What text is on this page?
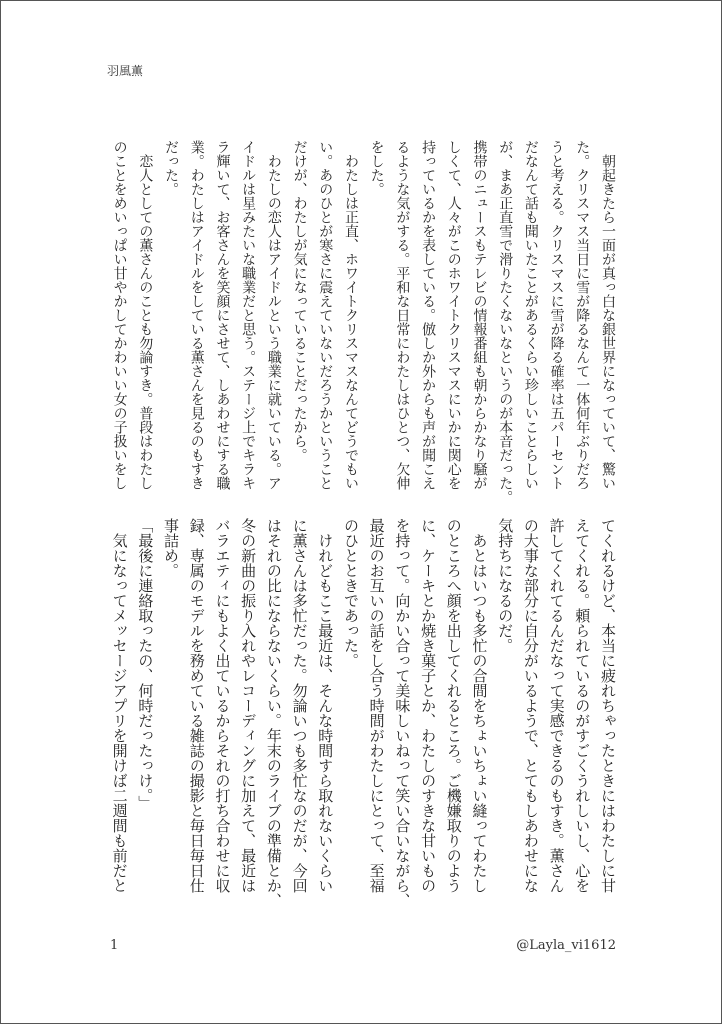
羽風薫
　朝起きたら一面が真っ白な銀世界になっていて、驚い
た。クリスマス当日に雪が降るなんて一体何年ぶりだろ
うと考える。クリスマスに雪が降る確率は五パーセント
だなんて話も聞いたことがあるくらい珍しいことらしい
が、まあ正直雪で滑りたくないなというのが本音だった。
携帯のニュースもテレビの情報番組も朝からかなり騒が
しくて、人々がこのホワイトクリスマスにいかに関心を
持っているかを表している。倣しか外からも声が聞こえ
るような気がする。平和な日常にわたしはひとつ、欠伸
をした。
　わたしは正直、ホワイトクリスマスなんてどうでもい
い。あのひとが寒さに震えていないだろうかということ
だけが、わたしが気になっていることだったから。
　わたしの恋人はアイドルという職業に就いている。ア
イドルは星みたいな職業だと思う。ステージ上でキラキ
ラ輝いて、お客さんを笑顔にさせて、しあわせにする職
業。わたしはアイドルをしている薫さんを見るのもすき
だった。
　恋人としての薫さんのことも勿論すき。普段はわたし
のことをめいっぱい甘やかしてかわいい女の子扱いをし
てくれるけど、本当に疲れちゃったときにはわたしに甘
えてくれる。頼られているのがすごくうれしいし、心を
許してくれてるんだなって実感できるのもすき。薫さん
の大事な部分に自分がいるようで、とてもしあわせにな
気持ちになるのだ。
　あとはいつも多忙の合間をちょいちょい縫ってわたし
のところへ顔を出してくれるところ。ご機嫌取りのよう
に、ケーキとか焼き菓子とか、わたしのすきな甘いもの
を持って。向かい合って美味しいねって笑い合いながら、
最近のお互いの話をし合う時間がわたしにとって、至福
のひとときであった。
　けれどもここ最近は、そんな時間すら取れないくらい
に薫さんは多忙だった。勿論いつも多忙なのだが、今回
はそれの比にならないくらい。年末のライブの準備とか、
冬の新曲の振り入れやレコーディングに加えて、最近は
バラエティにもよく出ているからそれの打ち合わせに収
録、専属のモデルを務めている雑誌の撮影と毎日毎日仕
事詰め。
「最後に連絡取ったの、何時だったっけ。」
　気になってメッセージアプリを開けば二週間も前だと
1	@Layla_vi1612
